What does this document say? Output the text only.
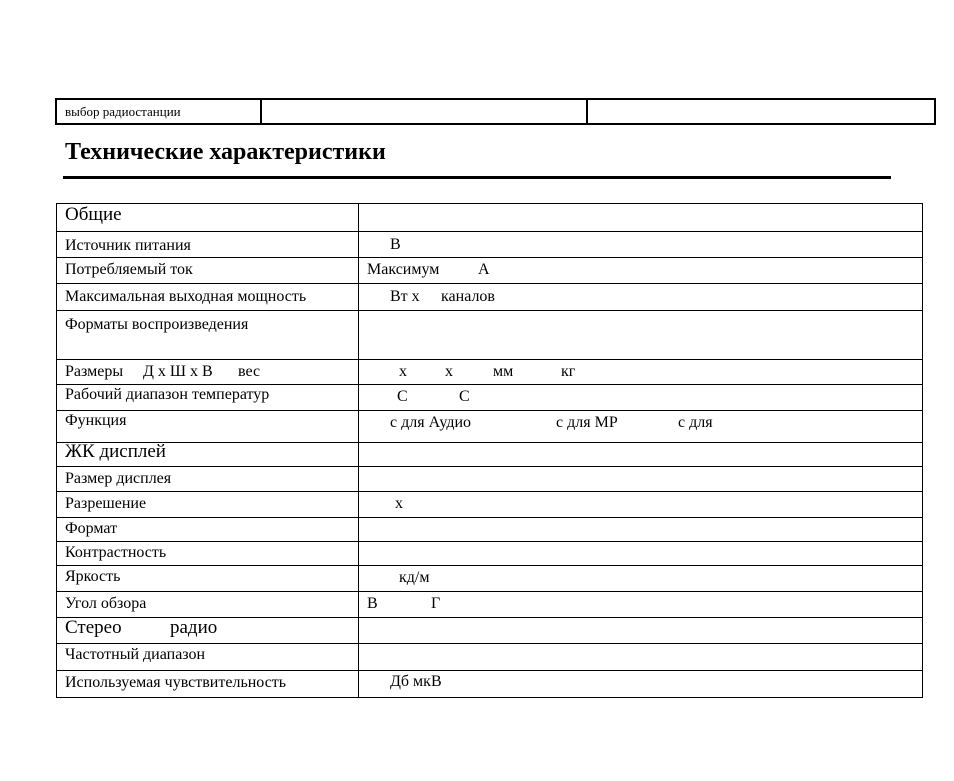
выбор радиостанции		
Технические характеристики
Общие	
Источник питания	В

Потребляемый ток	Максимум А

Максимальная выходная мощность	Вт х каналов

Форматы воспроизведения	

Размеры Д х Ш х В вес	х х мм кг

Рабочий диапазон температур	С С

Функция	с для Аудио с для МР с для

ЖК дисплей	
Размер дисплея	
Разрешение	х

Формат	
Контрастность	
Яркость	кд/м

Угол обзора	В Г

Стерео радио	

Частотный диапазон	
Используемая чувствительность	Дб мкВ
